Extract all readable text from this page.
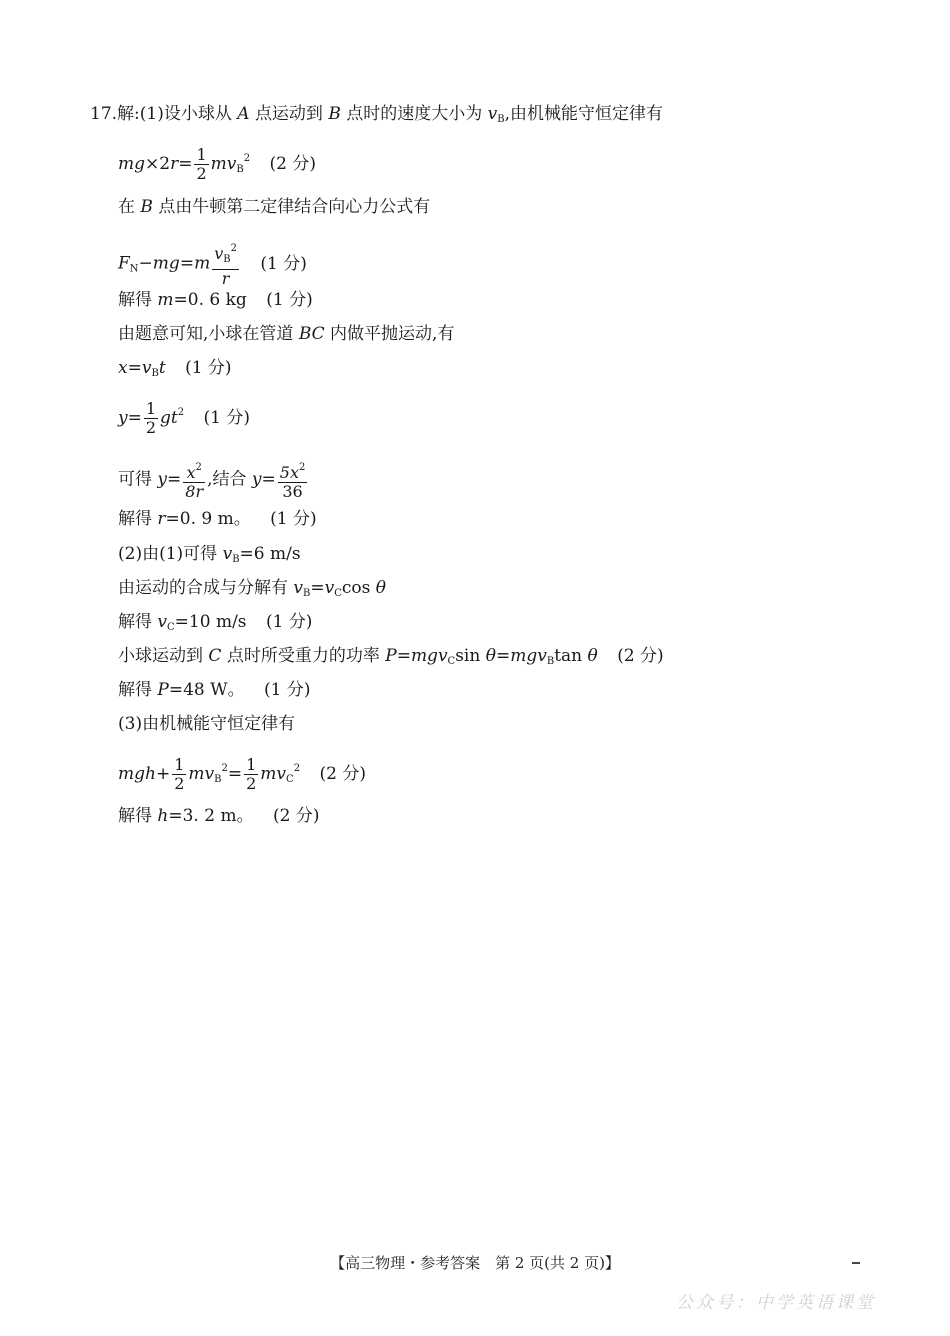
17.解:(1)设小球从 A 点运动到 B 点时的速度大小为 $v_B$,由机械能守恒定律有
$mg\times 2r= \frac{1}{2} mv_B^2$ (2 分)
在 B 点由牛顿第二定律结合向心力公式有
$F_N-mg=m \frac{v_B^2}{r} (1$ 分)
解得 m=0. 6 kg (1 分)
由题意可知,小球在管道 BC 内做平抛运动,有
$x=v_Bt$ (1 分)
$y= \frac{1}{2} gt^2$ (1 分)
可得 $y= \frac{x^2}{8r}$ ,结合 $y= \frac{5x^2}{36}$
解得 r=0. 9 m。 (1 分)
(2)由(1)可得 $v_B=6$ m/s
由运动的合成与分解有 $v_B=v_C\cos$ θ
解得 $v_C=10$ m/s (1 分)
小球运动到 C 点时所受重力的功率 P=mgv$_C$sin θ=mgv$_B$tan θ (2 分)
解得 P=48 W。 (1 分)
(3)由机械能守恒定律有
$mgh+ \frac{1}{2} mv_B^2= \frac{1}{2} mv_C^2$ (2 分)
解得 h=3. 2 m。 (2 分)
【高三物理・参考答案　第 2 页(共 2 页)】
公众号：中学英语课堂
